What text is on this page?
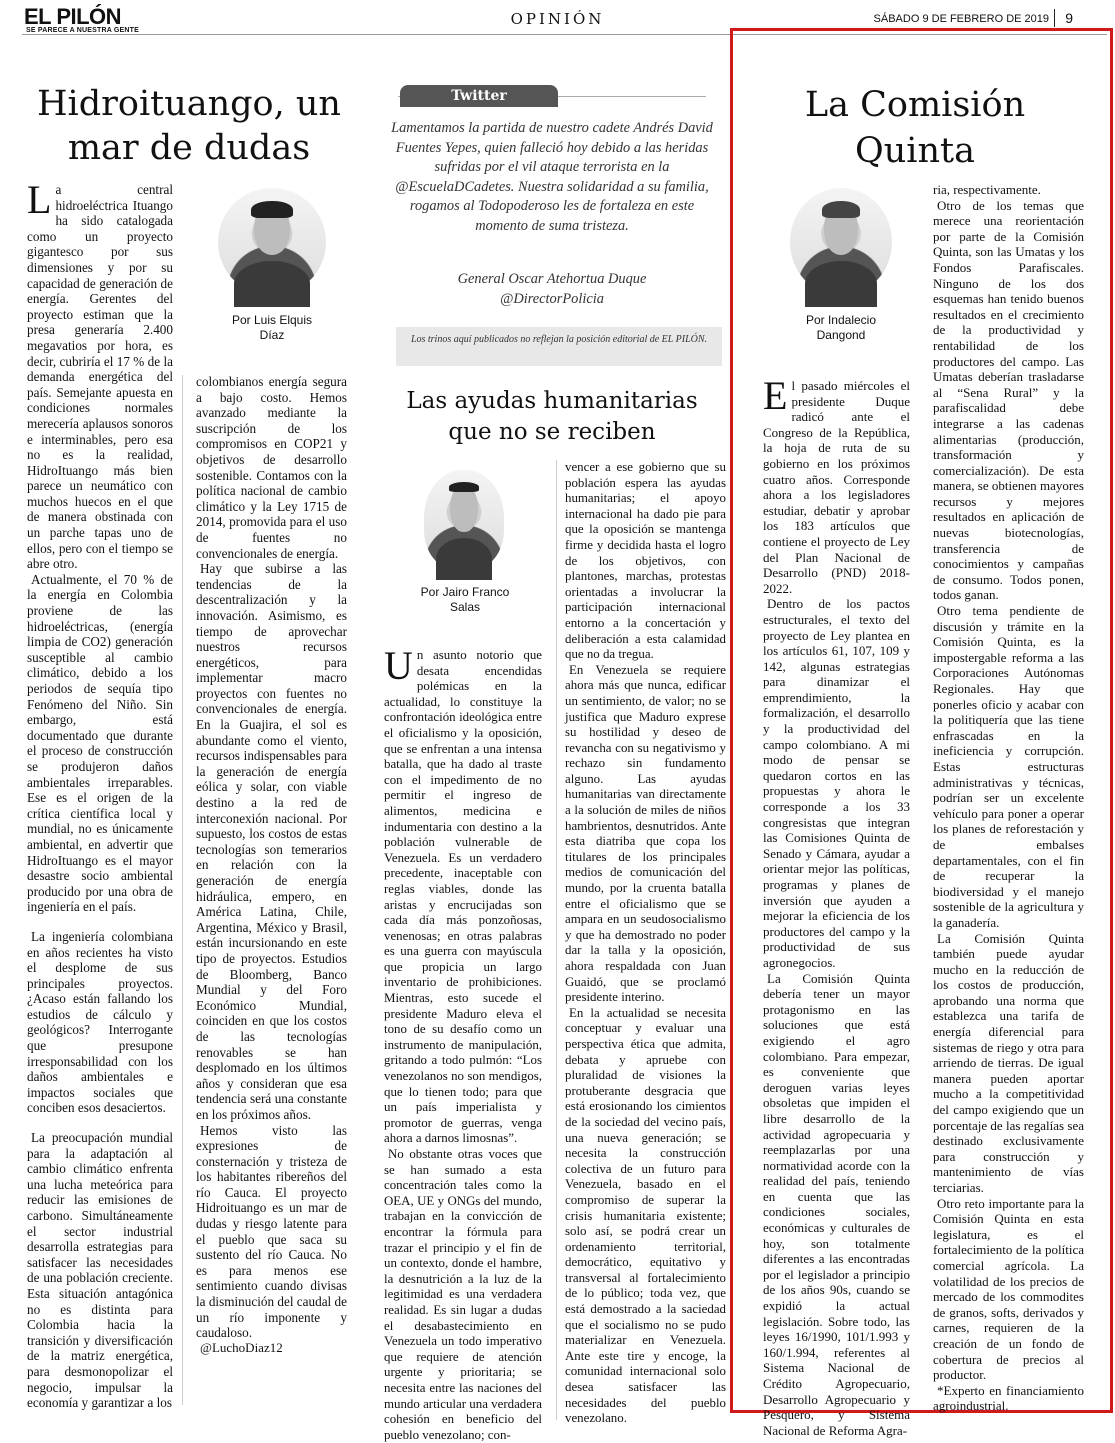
EL PILÓN
SE PARECE A NUESTRA GENTE
OPINIÓN	SÁBADO 9 DE FEBRERO DE 2019	9
Hidroituango, un mar de dudas
Por Luis Elquis Díaz

La central hidroeléctrica Ituango ha sido catalogada como un proyecto gigantesco por sus dimensiones y por su capacidad de generación de energía. Gerentes del proyecto estiman que la presa generaría 2.400 megavatios por hora, es decir, cubriría el 17 % de la demanda energética del país. Semejante apuesta en condiciones normales merecería aplausos sonoros e interminables, pero esa no es la realidad, HidroItuango más bien parece un neumático con muchos huecos en el que de manera obstinada con un parche tapas uno de ellos, pero con el tiempo se abre otro.

Actualmente, el 70 % de la energía en Colombia proviene de las hidroeléctricas, (energía limpia de CO2) generación susceptible al cambio climático, debido a los periodos de sequía tipo Fenómeno del Niño. Sin embargo, está documentado que durante el proceso de construcción se produjeron daños ambientales irreparables. Ese es el origen de la crítica científica local y mundial, no es únicamente ambiental, en advertir que HidroItuango es el mayor desastre socio ambiental producido por una obra de ingeniería en el país.

La ingeniería colombiana en años recientes ha visto el desplome de sus principales proyectos. ¿Acaso están fallando los estudios de cálculo y geológicos? Interrogante que presupone irresponsabilidad con los daños ambientales e impactos sociales que conciben esos desaciertos.

La preocupación mundial para la adaptación al cambio climático enfrenta una lucha meteórica para reducir las emisiones de carbono. Simultáneamente el sector industrial desarrolla estrategias para satisfacer las necesidades de una población creciente. Esta situación antagónica no es distinta para Colombia hacia la transición y diversificación de la matriz energética, para desmonopolizar el negocio, impulsar la economía y garantizar a los

colombianos energía segura a bajo costo. Hemos avanzado mediante la suscripción de los compromisos en COP21 y objetivos de desarrollo sostenible. Contamos con la política nacional de cambio climático y la Ley 1715 de 2014, promovida para el uso de fuentes no convencionales de energía.

Hay que subirse a las tendencias de la descentralización y la innovación. Asimismo, es tiempo de aprovechar nuestros recursos energéticos, para implementar macro proyectos con fuentes no convencionales de energía. En la Guajira, el sol es abundante como el viento, recursos indispensables para la generación de energía eólica y solar, con viable destino a la red de interconexión nacional. Por supuesto, los costos de estas tecnologías son temerarios en relación con la generación de energía hidráulica, empero, en América Latina, Chile, Argentina, México y Brasil, están incursionando en este tipo de proyectos. Estudios de Bloomberg, Banco Mundial y del Foro Económico Mundial, coinciden en que los costos de las tecnologías renovables se han desplomado en los últimos años y consideran que esa tendencia será una constante en los próximos años.

Hemos visto las expresiones de consternación y tristeza de los habitantes ribereños del río Cauca. El proyecto Hidroituango es un mar de dudas y riesgo latente para el pueblo que saca su sustento del río Cauca. No es para menos ese sentimiento cuando divisas la disminución del caudal de un río imponente y caudaloso.

@LuchoDiaz12
Twitter
Lamentamos la partida de nuestro cadete Andrés David Fuentes Yepes, quien falleció hoy debido a las heridas sufridas por el vil ataque terrorista en la @EscuelaDCadetes. Nuestra solidaridad a su familia, rogamos al Todopoderoso les de fortaleza en este momento de suma tristeza.
General Oscar Atehortua Duque
@DirectorPolicia
Los trinos aquí publicados no reflejan la posición editorial de EL PILÓN.
Las ayudas humanitarias que no se reciben
Por Jairo Franco Salas

Un asunto notorio que desata encendidas polémicas en la actualidad, lo constituye la confrontación ideológica entre el oficialismo y la oposición, que se enfrentan a una intensa batalla, que ha dado al traste con el impedimento de no permitir el ingreso de alimentos, medicina e indumentaria con destino a la población vulnerable de Venezuela. Es un verdadero precedente, inaceptable con reglas viables, donde las aristas y encrucijadas son cada día más ponzoñosas, venenosas; en otras palabras es una guerra con mayúscula que propicia un largo inventario de prohibiciones. Mientras, esto sucede el presidente Maduro eleva el tono de su desafío como un instrumento de manipulación, gritando a todo pulmón: “Los venezolanos no son mendigos, que lo tienen todo; para que un país imperialista y promotor de guerras, venga ahora a darnos limosnas”.

No obstante otras voces que se han sumado a esta concentración tales como la OEA, UE y ONGs del mundo, trabajan en la convicción de encontrar la fórmula para trazar el principio y el fin de un contexto, donde el hambre, la desnutrición a la luz de la legitimidad es una verdadera realidad. Es sin lugar a dudas el desabastecimiento en Venezuela un todo imperativo que requiere de atención urgente y prioritaria; se necesita entre las naciones del mundo articular una verdadera cohesión en beneficio del pueblo venezolano; con-

vencer a ese gobierno que su población espera las ayudas humanitarias; el apoyo internacional ha dado pie para que la oposición se mantenga firme y decidida hasta el logro de los objetivos, con plantones, marchas, protestas orientadas a involucrar la participación internacional entorno a la concertación y deliberación a esta calamidad que no da tregua.

En Venezuela se requiere ahora más que nunca, edificar un sentimiento, de valor; no se justifica que Maduro exprese su hostilidad y deseo de revancha con su negativismo y rechazo sin fundamento alguno. Las ayudas humanitarias van directamente a la solución de miles de niños hambrientos, desnutridos. Ante esta diatriba que copa los titulares de los principales medios de comunicación del mundo, por la cruenta batalla entre el oficialismo que se ampara en un seudosocialismo y que ha demostrado no poder dar la talla y la oposición, ahora respaldada con Juan Guaidó, que se proclamó presidente interino.

En la actualidad se necesita conceptuar y evaluar una perspectiva ética que admita, debata y apruebe con pluralidad de visiones la protuberante desgracia que está erosionando los cimientos de la sociedad del vecino país, una nueva generación; se necesita la construcción colectiva de un futuro para Venezuela, basado en el compromiso de superar la crisis humanitaria existente; solo así, se podrá crear un ordenamiento territorial, democrático, equitativo y transversal al fortalecimiento de lo público; toda vez, que está demostrado a la saciedad que el socialismo no se pudo materializar en Venezuela. Ante este tire y encoge, la comunidad internacional solo desea satisfacer las necesidades del pueblo venezolano.

La Comisión Quinta
Por Indalecio Dangond

El pasado miércoles el presidente Duque radicó ante el Congreso de la República, la hoja de ruta de su gobierno en los próximos cuatro años. Corresponde ahora a los legisladores estudiar, debatir y aprobar los 183 artículos que contiene el proyecto de Ley del Plan Nacional de Desarrollo (PND) 2018-2022.

Dentro de los pactos estructurales, el texto del proyecto de Ley plantea en los artículos 61, 107, 109 y 142, algunas estrategias para dinamizar el emprendimiento, la formalización, el desarrollo y la productividad del campo colombiano. A mi modo de pensar se quedaron cortos en las propuestas y ahora le corresponde a los 33 congresistas que integran las Comisiones Quinta de Senado y Cámara, ayudar a orientar mejor las políticas, programas y planes de inversión que ayuden a mejorar la eficiencia de los productores del campo y la productividad de sus agronegocios.

La Comisión Quinta debería tener un mayor protagonismo en las soluciones que está exigiendo el agro colombiano. Para empezar, es conveniente que deroguen varias leyes obsoletas que impiden el libre desarrollo de la actividad agropecuaria y reemplazarlas por una normatividad acorde con la realidad del país, teniendo en cuenta que las condiciones sociales, económicas y culturales de hoy, son totalmente diferentes a las encontradas por el legislador a principio de los años 90s, cuando se expidió la actual legislación. Sobre todo, las leyes 16/1990, 101/1.993 y 160/1.994, referentes al Sistema Nacional de Crédito Agropecuario, Desarrollo Agropecuario y Pesquero, y Sistema Nacional de Reforma Agra-

ria, respectivamente.

Otro de los temas que merece una reorientación por parte de la Comisión Quinta, son las Umatas y los Fondos Parafiscales. Ninguno de los dos esquemas han tenido buenos resultados en el crecimiento de la productividad y rentabilidad de los productores del campo. Las Umatas deberían trasladarse al “Sena Rural” y la parafiscalidad debe integrarse a las cadenas alimentarias (producción, transformación y comercialización). De esta manera, se obtienen mayores recursos y mejores resultados en aplicación de nuevas biotecnologías, transferencia de conocimientos y campañas de consumo. Todos ponen, todos ganan.

Otro tema pendiente de discusión y trámite en la Comisión Quinta, es la impostergable reforma a las Corporaciones Autónomas Regionales. Hay que ponerles oficio y acabar con la politiquería que las tiene enfrascadas en la ineficiencia y corrupción. Estas estructuras administrativas y técnicas, podrían ser un excelente vehículo para poner a operar los planes de reforestación y de embalses departamentales, con el fin de recuperar la biodiversidad y el manejo sostenible de la agricultura y la ganadería.

La Comisión Quinta también puede ayudar mucho en la reducción de los costos de producción, aprobando una norma que establezca una tarifa de energía diferencial para sistemas de riego y otra para arriendo de tierras. De igual manera pueden aportar mucho a la competitividad del campo exigiendo que un porcentaje de las regalías sea destinado exclusivamente para construcción y mantenimiento de vías terciarias.

Otro reto importante para la Comisión Quinta en esta legislatura, es el fortalecimiento de la política comercial agrícola. La volatilidad de los precios de mercado de los commodites de granos, softs, derivados y carnes, requieren de la creación de un fondo de cobertura de precios al productor.

*Experto en financiamiento agroindustrial.
